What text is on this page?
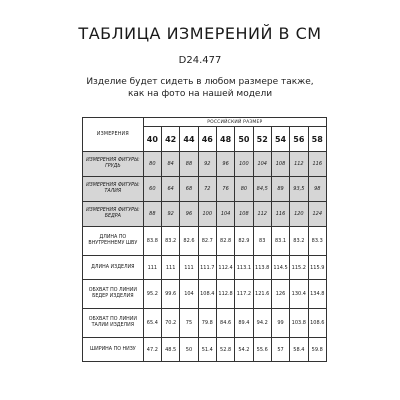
ТАБЛИЦА ИЗМЕРЕНИЙ В СМ
D24.477
Изделие будет сидеть в любом размере также, как на фото на нашей модели
ИЗМЕРЕНИЯ	РОССИЙСКИЙ РАЗМЕР									
	40	42	44	46	48	50	52	54	56	58
ИЗМЕРЕНИЯ ФИГУРЫ: ГРУДЬ	80	84	88	92	96	100	104	108	112	116
ИЗМЕРЕНИЯ ФИГУРЫ: ТАЛИЯ	60	64	68	72	76	80	84,5	89	93,5	98
ИЗМЕРЕНИЯ ФИГУРЫ: БЕДРА	88	92	96	100	104	108	112	116	120	124
ДЛИНА ПО ВНУТРЕННЕМУ ШВУ	83.8	83.2	82.6	82.7	82.8	82.9	83	83.1	83.2	83.3
ДЛИНА ИЗДЕЛИЯ	111	111	111	111.7	112.4	113.1	113.8	114.5	115.2	115.9
ОБХВАТ ПО ЛИНИИ БЕДЕР ИЗДЕЛИЯ	95.2	99.6	104	108.4	112.8	117.2	121.6	126	130.4	134.8
ОБХВАТ ПО ЛИНИИ ТАЛИИ ИЗДЕЛИЯ	65.4	70.2	75	79.8	84.6	89.4	94.2	99	103.8	108.6
ШИРИНА ПО НИЗУ	47.2	48.5	50	51.4	52.8	54.2	55.6	57	58.4	59.8
